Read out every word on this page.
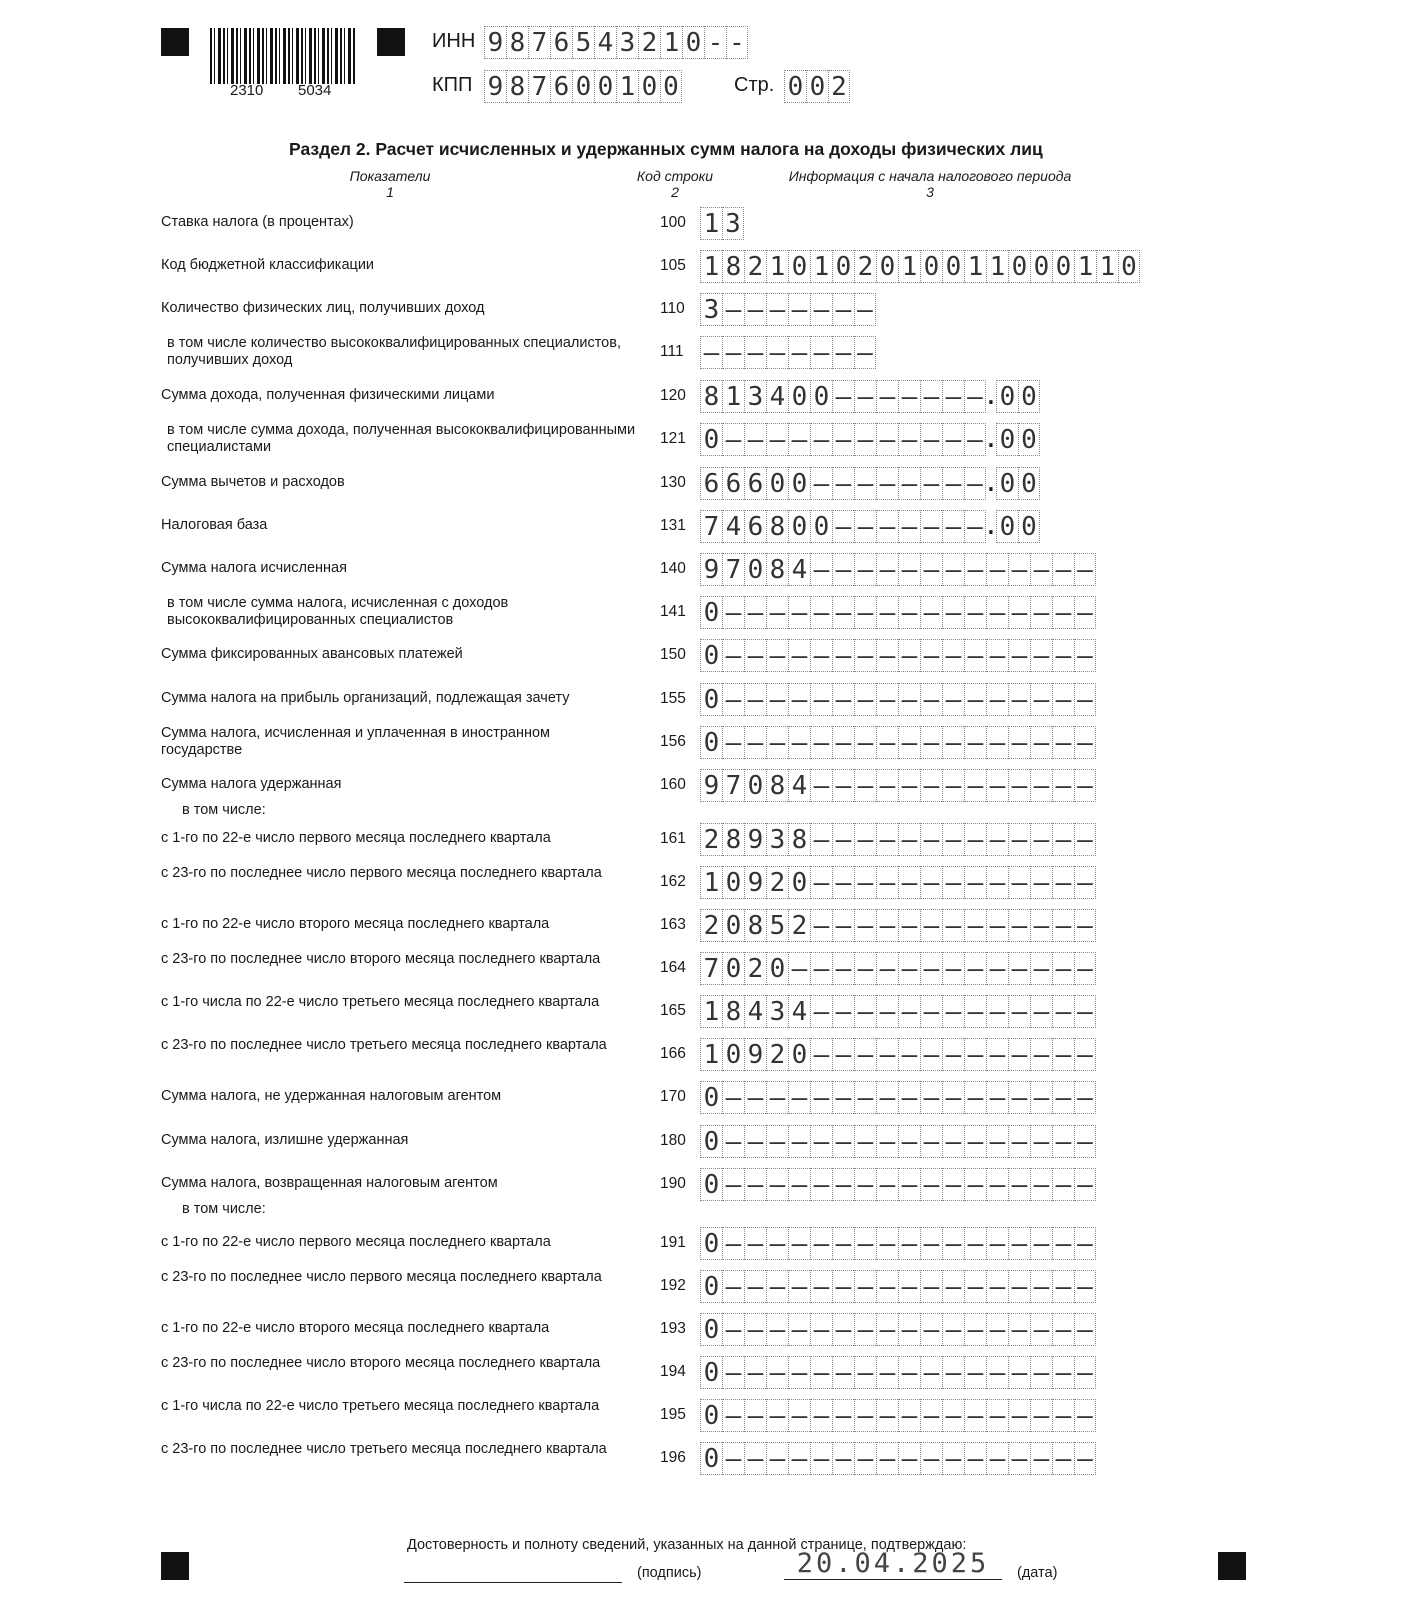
2310 5034
ИНН 9 8 7 6 5 4 3 2 1 0 - -
КПП 9 8 7 6 0 0 1 0 0	Стр. 0 0 2
Раздел 2. Расчет исчисленных и удержанных сумм налога на доходы физических лиц
Показатели
1
Код строки
2
Информация с начала налогового периода
3
Ставка налога (в процентах)	100 1 3
Код бюджетной классификации	105 1 8 2 1 0 1 0 2 0 1 0 0 1 1 0 0 0 1 1 0
Количество физических лиц, получивших доход	110 3 – – – – – – –
в том числе количество высококвалифицированных специалистов, получивших доход	111 – – – – – – – –
Сумма дохода, полученная физическими лицами	120 8 1 3 4 0 0 – – – – – – – . 0 0
в том числе сумма дохода, полученная высококвалифицированными специалистами	121 0 – – – – – – – – – – – – . 0 0
Сумма вычетов и расходов	130 6 6 6 0 0 – – – – – – – – . 0 0
Налоговая база	131 7 4 6 8 0 0 – – – – – – – . 0 0
Сумма налога исчисленная	140 9 7 0 8 4 – – – – – – – – – – – – –
в том числе сумма налога, исчисленная с доходов высококвалифицированных специалистов	141 0 – – – – – – – – – – – – – – – – –
Сумма фиксированных авансовых платежей	150 0 – – – – – – – – – – – – – – – – –
Сумма налога на прибыль организаций, подлежащая зачету	155 0 – – – – – – – – – – – – – – – – –
Сумма налога, исчисленная и уплаченная в иностранном государстве	156 0 – – – – – – – – – – – – – – – – –
Сумма налога удержанная	160 9 7 0 8 4 – – – – – – – – – – – – –
в том числе:
с 1-го по 22-е число первого месяца последнего квартала	161 2 8 9 3 8 – – – – – – – – – – – – –
с 23-го по последнее число первого месяца последнего квартала	162 1 0 9 2 0 – – – – – – – – – – – – –
с 1-го по 22-е число второго месяца последнего квартала	163 2 0 8 5 2 – – – – – – – – – – – – –
с 23-го по последнее число второго месяца последнего квартала	164 7 0 2 0 – – – – – – – – – – – – – –
с 1-го числа по 22-е число третьего месяца последнего квартала	165 1 8 4 3 4 – – – – – – – – – – – – –
с 23-го по последнее число третьего месяца последнего квартала	166 1 0 9 2 0 – – – – – – – – – – – – –
Сумма налога, не удержанная налоговым агентом	170 0 – – – – – – – – – – – – – – – – –
Сумма налога, излишне удержанная	180 0 – – – – – – – – – – – – – – – – –
Сумма налога, возвращенная налоговым агентом	190 0 – – – – – – – – – – – – – – – – –
в том числе:
с 1-го по 22-е число первого месяца последнего квартала	191 0 – – – – – – – – – – – – – – – – –
с 23-го по последнее число первого месяца последнего квартала	192 0 – – – – – – – – – – – – – – – – –
с 1-го по 22-е число второго месяца последнего квартала	193 0 – – – – – – – – – – – – – – – – –
с 23-го по последнее число второго месяца последнего квартала	194 0 – – – – – – – – – – – – – – – – –
с 1-го числа по 22-е число третьего месяца последнего квартала	195 0 – – – – – – – – – – – – – – – – –
с 23-го по последнее число третьего месяца последнего квартала	196 0 – – – – – – – – – – – – – – – – –
Достоверность и полноту сведений, указанных на данной странице, подтверждаю:
(подпись)	20.04.2025	(дата)
